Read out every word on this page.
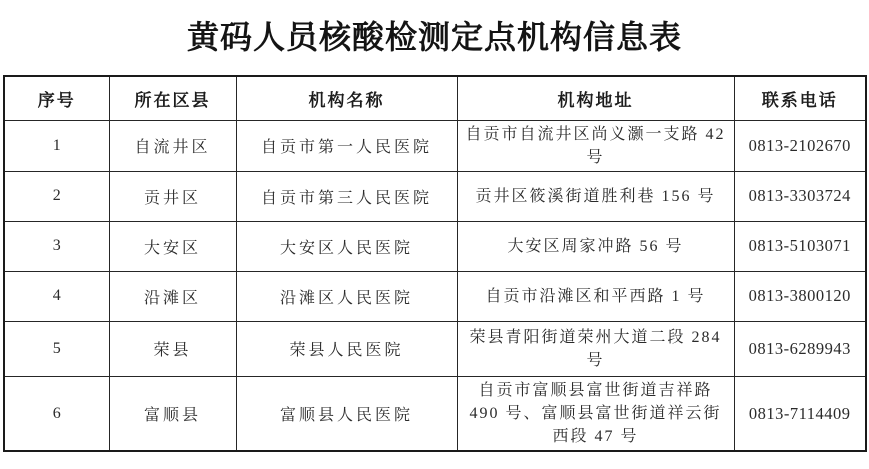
黄码人员核酸检测定点机构信息表
序号	所在区县	机构名称	机构地址	联系电话
1	自流井区	自贡市第一人民医院	自贡市自流井区尚义灏一支路 42 号	0813-2102670
2	贡井区	自贡市第三人民医院	贡井区筱溪街道胜利巷 156 号	0813-3303724
3	大安区	大安区人民医院	大安区周家冲路 56 号	0813-5103071
4	沿滩区	沿滩区人民医院	自贡市沿滩区和平西路 1 号	0813-3800120
5	荣县	荣县人民医院	荣县青阳街道荣州大道二段 284 号	0813-6289943
6	富顺县	富顺县人民医院	自贡市富顺县富世街道吉祥路 490 号、富顺县富世街道祥云街西段 47 号	0813-7114409
